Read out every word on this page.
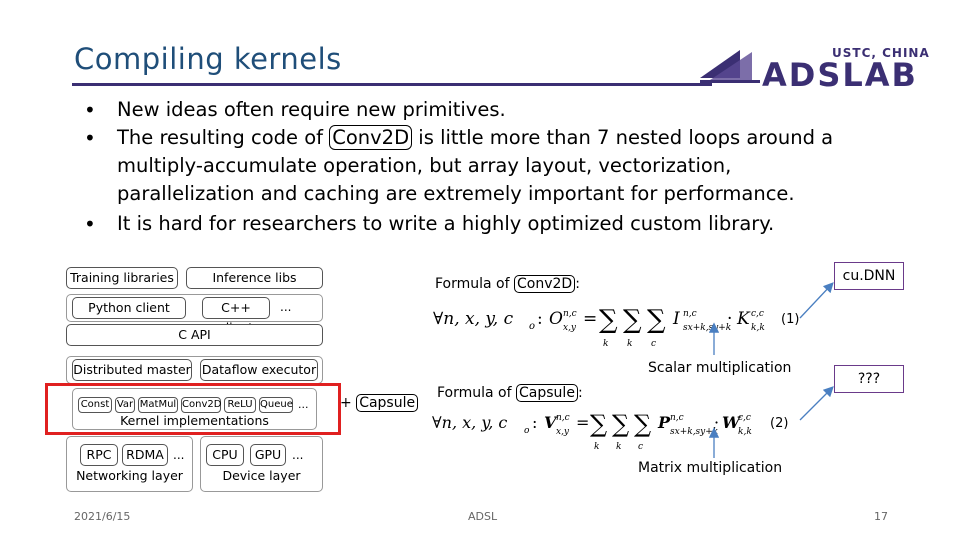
Compiling kernels	USTC, CHINA
ADSLAB
• New ideas often require new primitives.
• The resulting code of Conv2D is little more than 7 nested loops around a
multiply-accumulate operation, but array layout, vectorization,
parallelization and caching are extremely important for performance.
• It is hard for researchers to write a highly optimized custom library.
Training libraries	Inference libs
Python client	C++	...
C API
Distributed master Dataflow executor
Const Var MatMul Conv2D ReLU Queue ...
Kernel implementations
RPC	RDMA ...
Networking layer
CPU	GPU ...
Device layer
+ Capsule
Formula of Conv2D :
∀n, x, y, c o : O n,c
x,y = ∑ ∑ ∑
k k c
I n,c
sx+k,sy+k
· K c,c
k,k
(1)
Formula of Capsule :
∀n, x, y, c o : V n,c
x,y = ∑ ∑ ∑
k k c
P n,c
sx+k,sy+k
· W
c,c
k,k
(2)
Scalar multiplication
Matrix multiplication
cu.DNN
???
2021/6/15	ADSL	17
